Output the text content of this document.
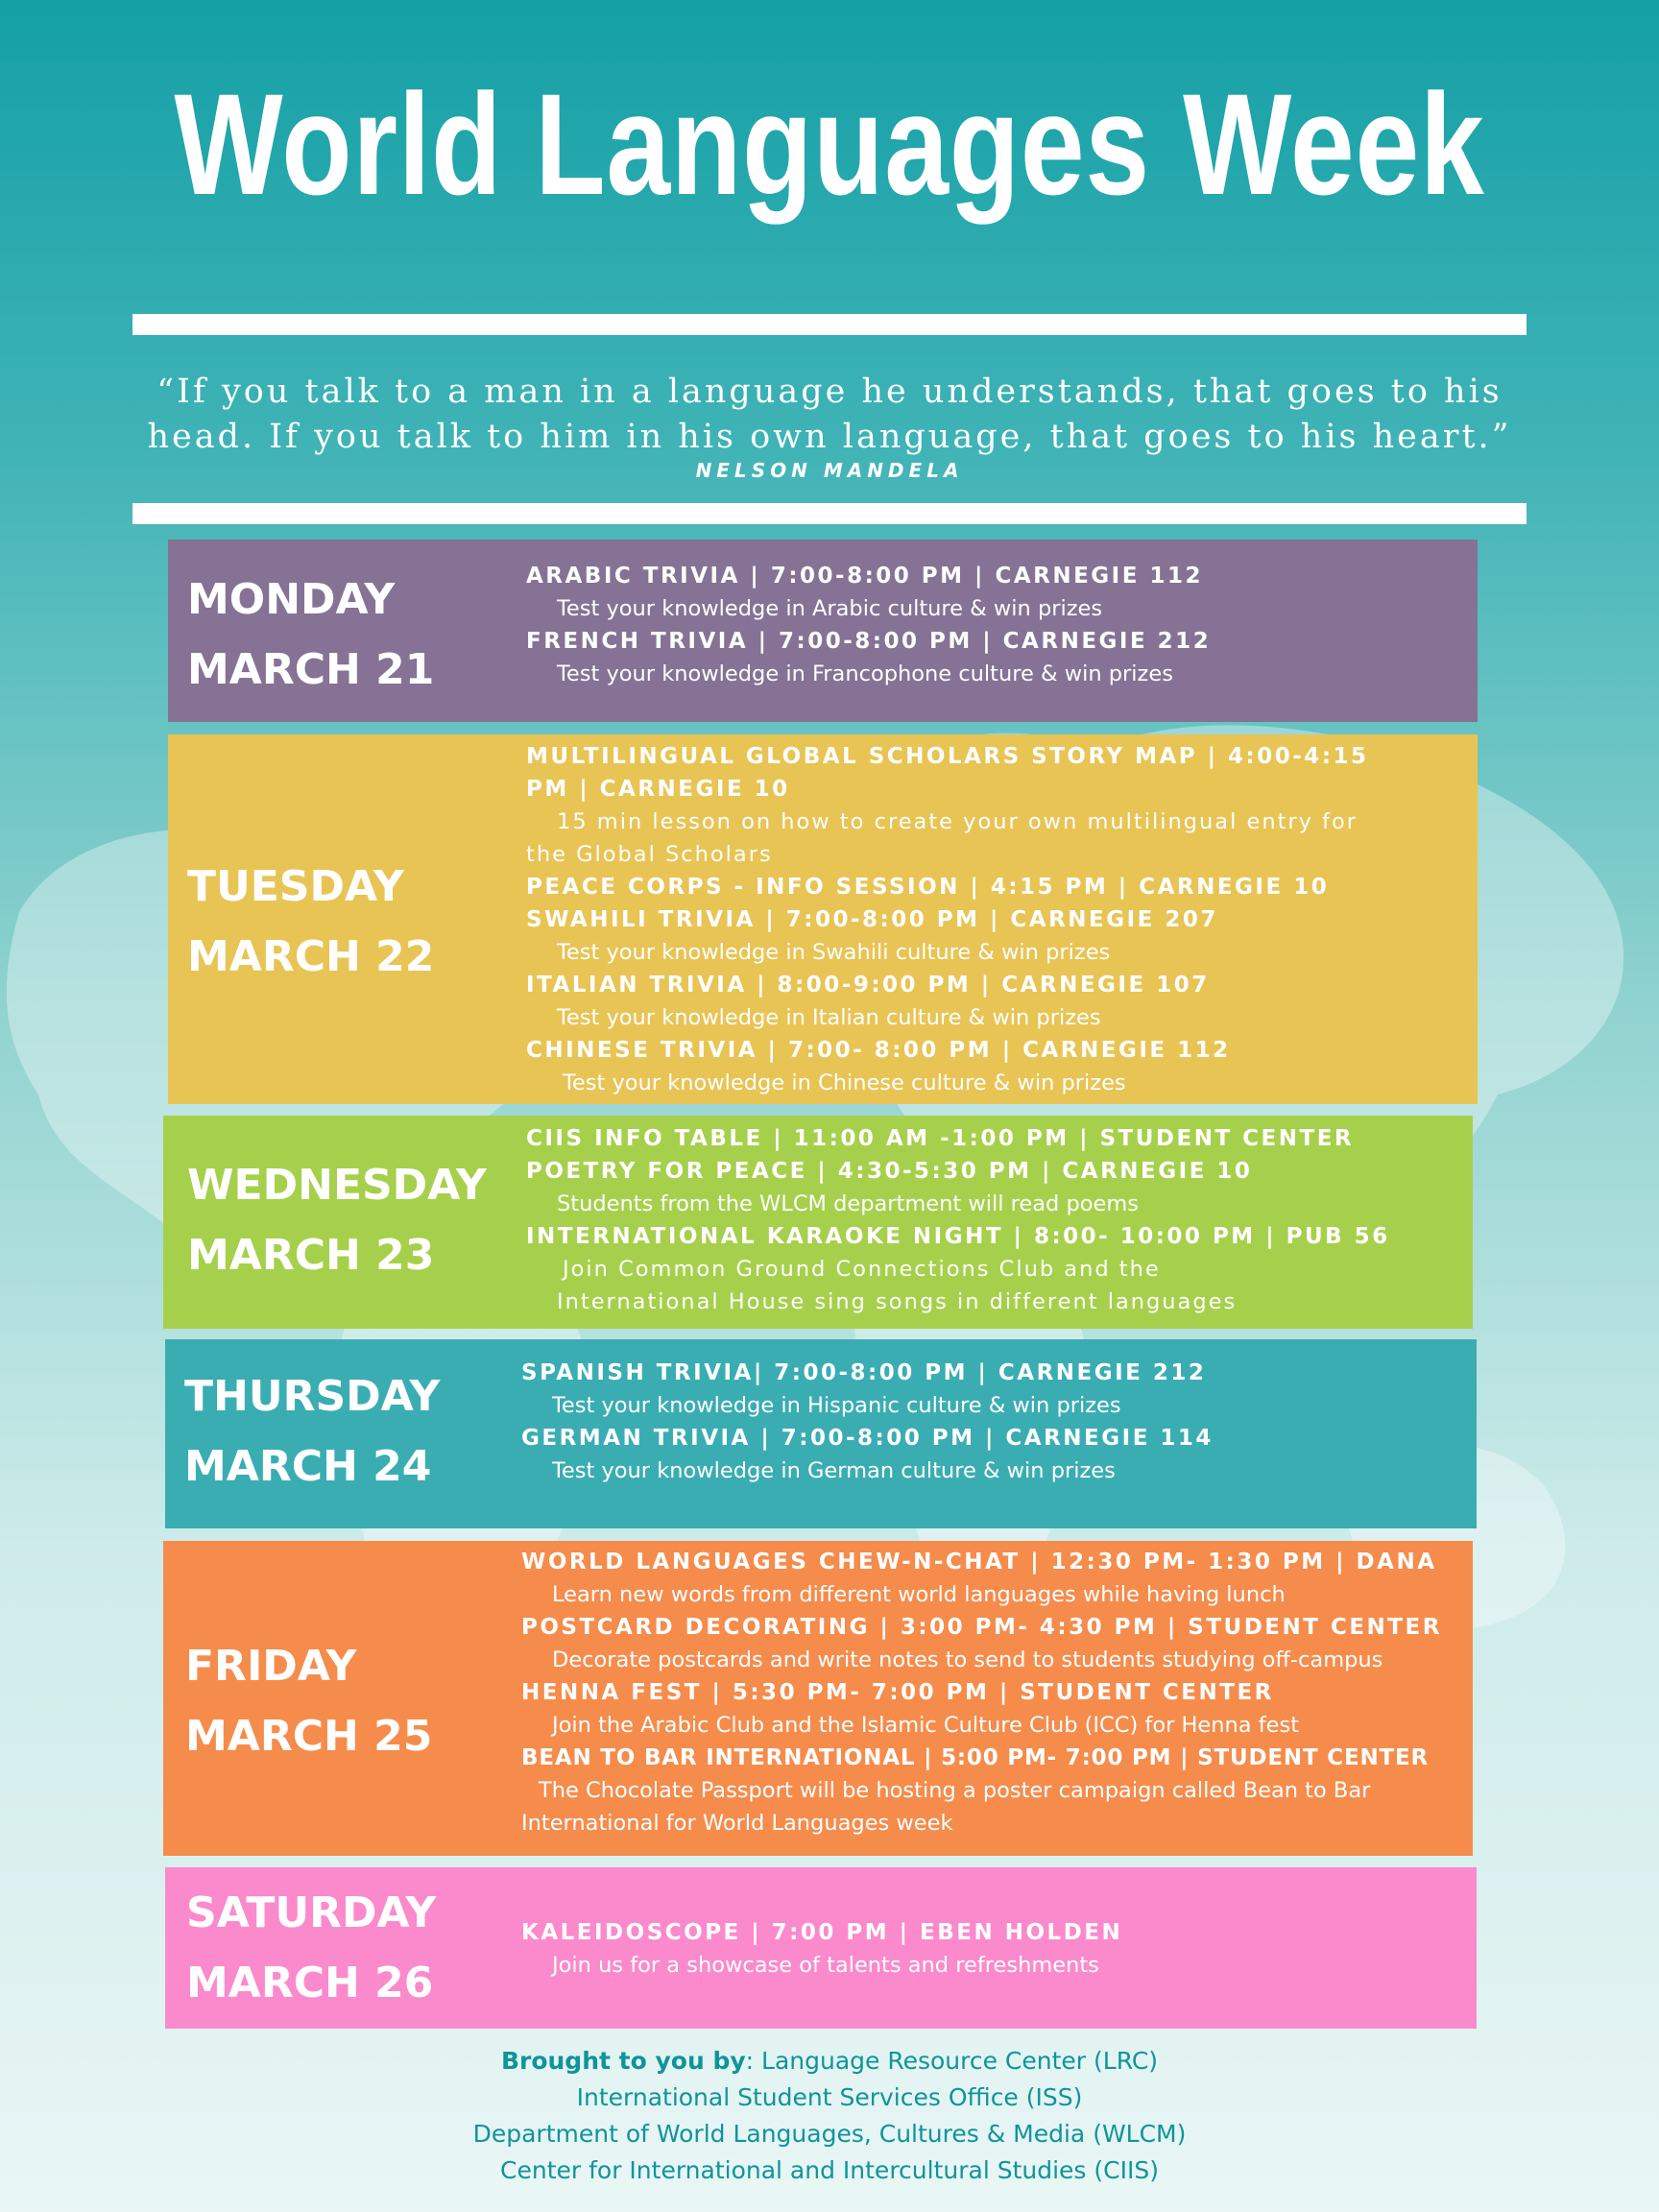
World Languages Week
“If you talk to a man in a language he understands, that goes to his
head. If you talk to him in his own language, that goes to his heart.”
NELSON MANDELA
MONDAY
MARCH 21
ARABIC TRIVIA | 7:00-8:00 PM | CARNEGIE 112
Test your knowledge in Arabic culture & win prizes
FRENCH TRIVIA | 7:00-8:00 PM | CARNEGIE 212
Test your knowledge in Francophone culture & win prizes
TUESDAY
MARCH 22
MULTILINGUAL GLOBAL SCHOLARS STORY MAP | 4:00-4:15
PM | CARNEGIE 10
15 min lesson on how to create your own multilingual entry for
the Global Scholars
PEACE CORPS - INFO SESSION | 4:15 PM | CARNEGIE 10
SWAHILI TRIVIA | 7:00-8:00 PM | CARNEGIE 207
Test your knowledge in Swahili culture & win prizes
ITALIAN TRIVIA | 8:00-9:00 PM | CARNEGIE 107
Test your knowledge in Italian culture & win prizes
CHINESE TRIVIA | 7:00- 8:00 PM | CARNEGIE 112
Test your knowledge in Chinese culture & win prizes
WEDNESDAY
MARCH 23
CIIS INFO TABLE | 11:00 AM -1:00 PM | STUDENT CENTER
POETRY FOR PEACE | 4:30-5:30 PM | CARNEGIE 10
Students from the WLCM department will read poems
INTERNATIONAL KARAOKE NIGHT | 8:00- 10:00 PM | PUB 56
Join Common Ground Connections Club and the
International House sing songs in different languages
THURSDAY
MARCH 24
SPANISH TRIVIA| 7:00-8:00 PM | CARNEGIE 212
Test your knowledge in Hispanic culture & win prizes
GERMAN TRIVIA | 7:00-8:00 PM | CARNEGIE 114
Test your knowledge in German culture & win prizes
FRIDAY
MARCH 25
WORLD LANGUAGES CHEW-N-CHAT | 12:30 PM- 1:30 PM | DANA
Learn new words from different world languages while having lunch
POSTCARD DECORATING | 3:00 PM- 4:30 PM | STUDENT CENTER
Decorate postcards and write notes to send to students studying off-campus
HENNA FEST | 5:30 PM- 7:00 PM | STUDENT CENTER
Join the Arabic Club and the Islamic Culture Club (ICC) for Henna fest
BEAN TO BAR INTERNATIONAL | 5:00 PM- 7:00 PM | STUDENT CENTER
The Chocolate Passport will be hosting a poster campaign called Bean to Bar
International for World Languages week
SATURDAY
MARCH 26
KALEIDOSCOPE | 7:00 PM | EBEN HOLDEN
Join us for a showcase of talents and refreshments
Brought to you by: Language Resource Center (LRC)
International Student Services Office (ISS)
Department of World Languages, Cultures & Media (WLCM)
Center for International and Intercultural Studies (CIIS)
